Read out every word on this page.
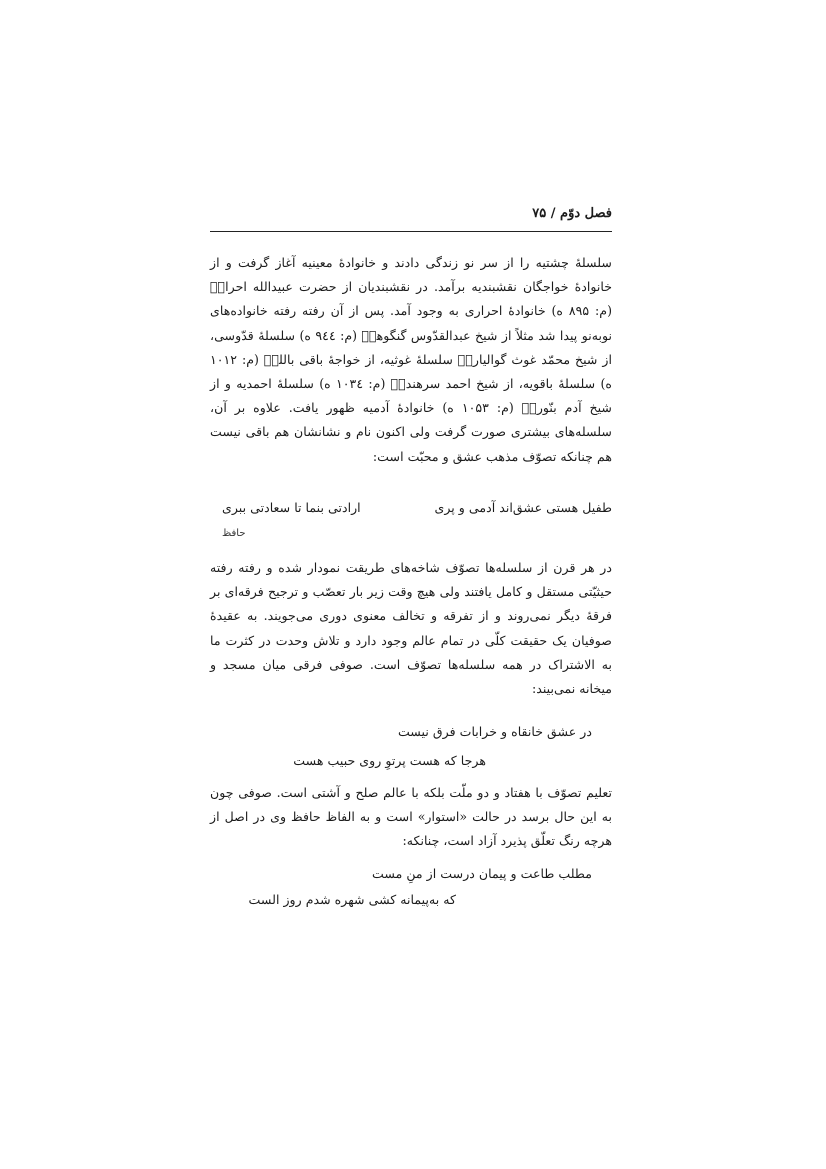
فصل دوّم / ۷۵
سلسلهٔ چشتیه را از سر نو زندگی دادند و خانوادهٔ معینیه آغاز گرفت و از خانوادهٔ خواجگان نقشبندیه برآمد. در نقشبندیان از حضرت عبیدالله احرارؒ (م: ۸۹۵ ه) خانوادهٔ احراری به وجود آمد. پس از آن رفته رفته خانواده‌های نوبه‌نو پیدا شد مثلاً از شیخ عبدالقدّوس گنگوهیؒ (م: ۹٤٤ ه) سلسلهٔ قدّوسی، از شیخ محمّد غوث گوالیاریؒ سلسلهٔ غوثیه، از خواجهٔ باقی باللهؒ (م: ۱۰۱۲ ه) سلسلهٔ باقویه، از شیخ احمد سرهندیؒ (م: ۱۰۳٤ ه) سلسلهٔ احمدیه و از شیخ آدم بنّوریؒ (م: ۱۰۵۳ ه) خانوادهٔ آدمیه ظهور یافت. علاوه بر آن، سلسله‌های بیشتری صورت گرفت ولی اکنون نام و نشانشان هم باقی نیست هم چنانکه تصوّف مذهب عشق و محبّت است:
طفیل هستی عشق‌اند آدمی و پری
ارادتی بنما تا سعادتی ببری
حافظ
در هر قرن از سلسله‌ها تصوّف شاخه‌های طریقت نمودار شده و رفته رفته حیثیّتی مستقل و کامل یافتند ولی هیچ وقت زیر بار تعصّب و ترجیح فرقه‌ای بر فرقهٔ دیگر نمی‌روند و از تفرقه و تخالف معنوی دوری می‌جویند. به عقیدهٔ صوفیان یک حقیقت کلّی در تمام عالم وجود دارد و تلاش وحدت در کثرت ما به الاشتراک در همه سلسله‌ها تصوّف است. صوفی فرقی میان مسجد و میخانه نمی‌بیند:
در عشق خانقاه و خرابات فرق نیست
هرجا که هست پرتوِ روی حبیب هست
تعلیم تصوّف با هفتاد و دو ملّت بلکه با عالم صلح و آشتی است. صوفی چون به این حال برسد در حالت «استوار» است و به الفاظ حافظ وی در اصل از هرچه رنگ تعلّق پذیرد آزاد است، چنانکه:
مطلب طاعت و پیمان درست از منِ مست
که به‌پیمانه کشی شهره شدم روز الست
